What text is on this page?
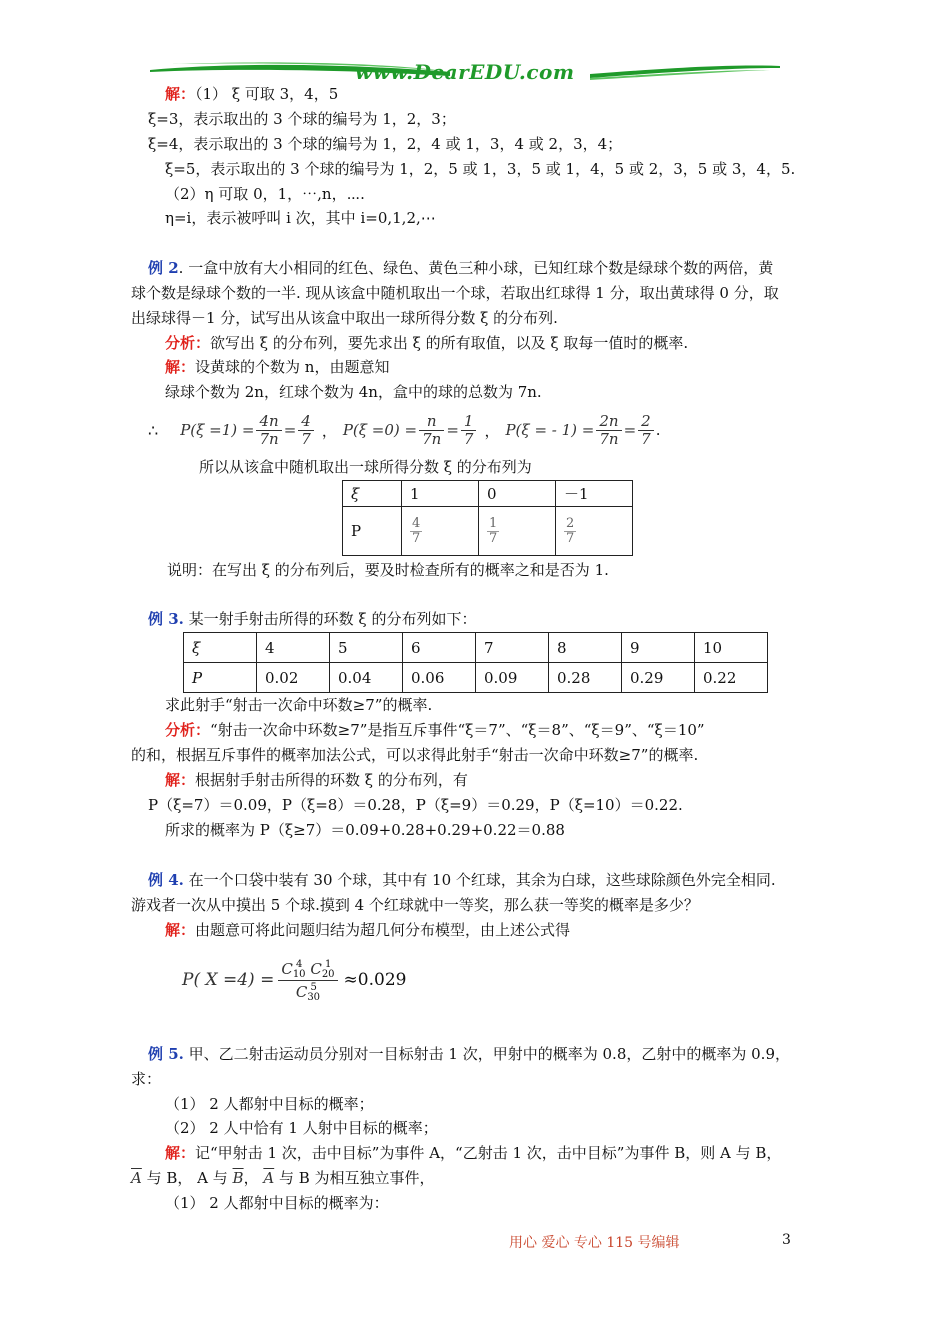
www.DearEDU.com
解：（1） ξ 可取 3，4，5
ξ=3，表示取出的 3 个球的编号为 1，2，3；
ξ=4，表示取出的 3 个球的编号为 1，2，4 或 1，3，4 或 2，3，4；
ξ=5，表示取出的 3 个球的编号为 1，2，5 或 1，3，5 或 1，4，5 或 2，3，5 或 3，4，5.
（2）η 可取 0，1，⋯,n，⋯.
η=i，表示被呼叫 i 次，其中 i=0,1,2,⋯
例 2. 一盒中放有大小相同的红色、绿色、黄色三种小球，已知红球个数是绿球个数的两倍，黄
球个数是绿球个数的一半. 现从该盒中随机取出一个球，若取出红球得 1 分，取出黄球得 0 分，取
出绿球得－1 分，试写出从该盒中取出一球所得分数 ξ 的分布列.
分析：欲写出 ξ 的分布列，要先求出 ξ 的所有取值，以及 ξ 取每一值时的概率.
解：设黄球的个数为 n，由题意知
绿球个数为 2n，红球个数为 4n，盒中的球的总数为 7n.
∴ $P(\xi =1) = \frac{4n}{7n} = \frac{4}{7}$ ， $P(\xi =0) = \frac{n}{7n} = \frac{1}{7}$ ， P(ξ = - $1) = \frac{2n}{7n} = \frac{2}{7}$ .
所以从该盒中随机取出一球所得分数 ξ 的分布列为
ξ	1	0	－1
P	$\frac{4}{7}$	$\frac{1}{7}$	$\frac{2}{7}$
说明：在写出 ξ 的分布列后，要及时检查所有的概率之和是否为 1.
例 3. 某一射手射击所得的环数 ξ 的分布列如下：
ξ	4	5	6	7	8	9	10
P	0.02	0.04	0.06	0.09	0.28	0.29	0.22
求此射手“射击一次命中环数≥7”的概率.
分析：“射击一次命中环数≥7”是指互斥事件“ξ＝7”、“ξ＝8”、“ξ＝9”、“ξ＝10”
的和，根据互斥事件的概率加法公式，可以求得此射手“射击一次命中环数≥7”的概率.
解：根据射手射击所得的环数 ξ 的分布列，有
P（ξ=7）＝0.09，P（ξ=8）＝0.28，P（ξ=9）＝0.29，P（ξ=10）＝0.22.
所求的概率为 P（ξ≥7）＝0.09+0.28+0.29+0.22＝0.88
例 4. 在一个口袋中装有 30 个球，其中有 10 个红球，其余为白球，这些球除颜色外完全相同.
游戏者一次从中摸出 5 个球.摸到 4 个红球就中一等奖，那么获一等奖的概率是多少？
解：由题意可将此问题归结为超几何分布模型，由上述公式得
P( X =4) = C 4
10 C 1
20
C 5
30 ≈0.029
例 5. 甲、乙二射击运动员分别对一目标射击 1 次，甲射中的概率为 0.8，乙射中的概率为 0.9，
求：
（1） 2 人都射中目标的概率；
（2） 2 人中恰有 1 人射中目标的概率；
解：记“甲射击 1 次，击中目标”为事件 A，“乙射击 1 次，击中目标”为事件 B，则 A 与 B，
$\overline{A}$ 与 B， A 与 $\overline{B}$， $\overline{A}$ 与 B 为相互独立事件，
（1） 2 人都射中目标的概率为：
用心 爱心 专心 115 号编辑	3
